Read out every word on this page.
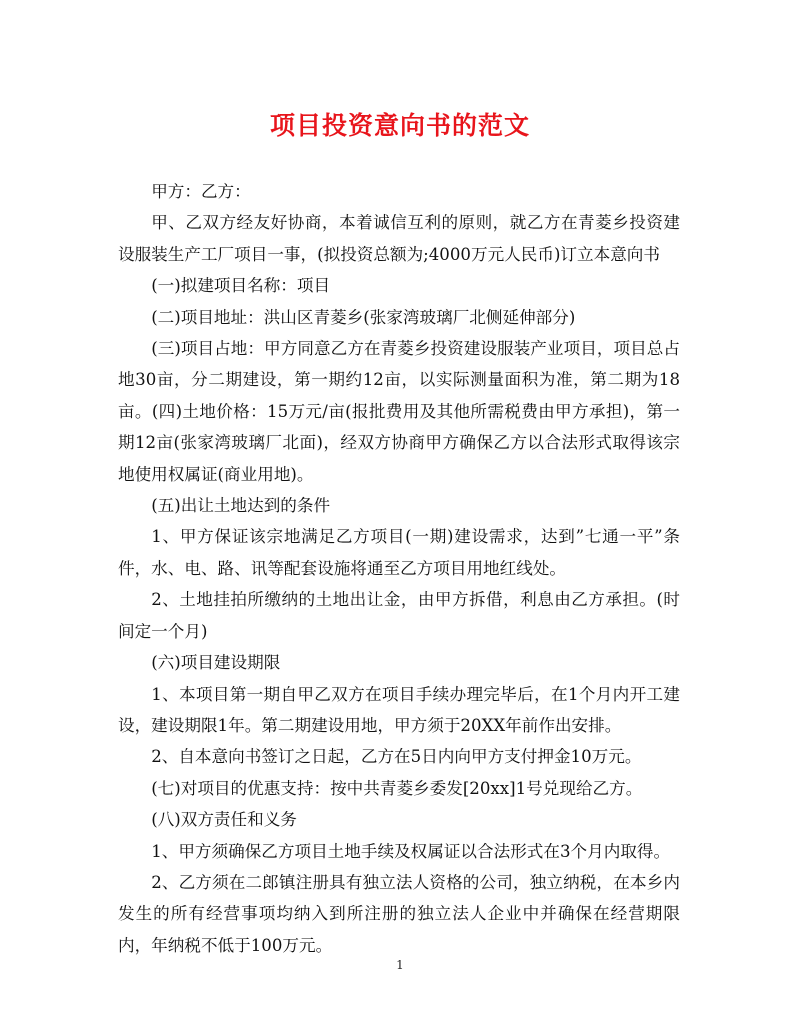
项目投资意向书的范文

甲方：乙方：

甲、乙双方经友好协商，本着诚信互利的原则，就乙方在青菱乡投资建设服装生产工厂项目一事，(拟投资总额为;4000万元人民币)订立本意向书

(一)拟建项目名称：项目

(二)项目地址：洪山区青菱乡(张家湾玻璃厂北侧延伸部分)

(三)项目占地：甲方同意乙方在青菱乡投资建设服装产业项目，项目总占地30亩，分二期建设，第一期约12亩，以实际测量面积为准，第二期为18亩。(四)土地价格：15万元/亩(报批费用及其他所需税费由甲方承担)，第一期12亩(张家湾玻璃厂北面)，经双方协商甲方确保乙方以合法形式取得该宗地使用权属证(商业用地)。

(五)出让土地达到的条件

1、甲方保证该宗地满足乙方项目(一期)建设需求，达到”七通一平”条件，水、电、路、讯等配套设施将通至乙方项目用地红线处。

2、土地挂拍所缴纳的土地出让金，由甲方拆借，利息由乙方承担。(时间定一个月)

(六)项目建设期限

1、本项目第一期自甲乙双方在项目手续办理完毕后，在1个月内开工建设，建设期限1年。第二期建设用地，甲方须于20XX年前作出安排。

2、自本意向书签订之日起，乙方在5日内向甲方支付押金10万元。

(七)对项目的优惠支持：按中共青菱乡委发[20xx]1号兑现给乙方。

(八)双方责任和义务

1、甲方须确保乙方项目土地手续及权属证以合法形式在3个月内取得。

2、乙方须在二郎镇注册具有独立法人资格的公司，独立纳税，在本乡内发生的所有经营事项均纳入到所注册的独立法人企业中并确保在经营期限内，年纳税不低于100万元。

1
